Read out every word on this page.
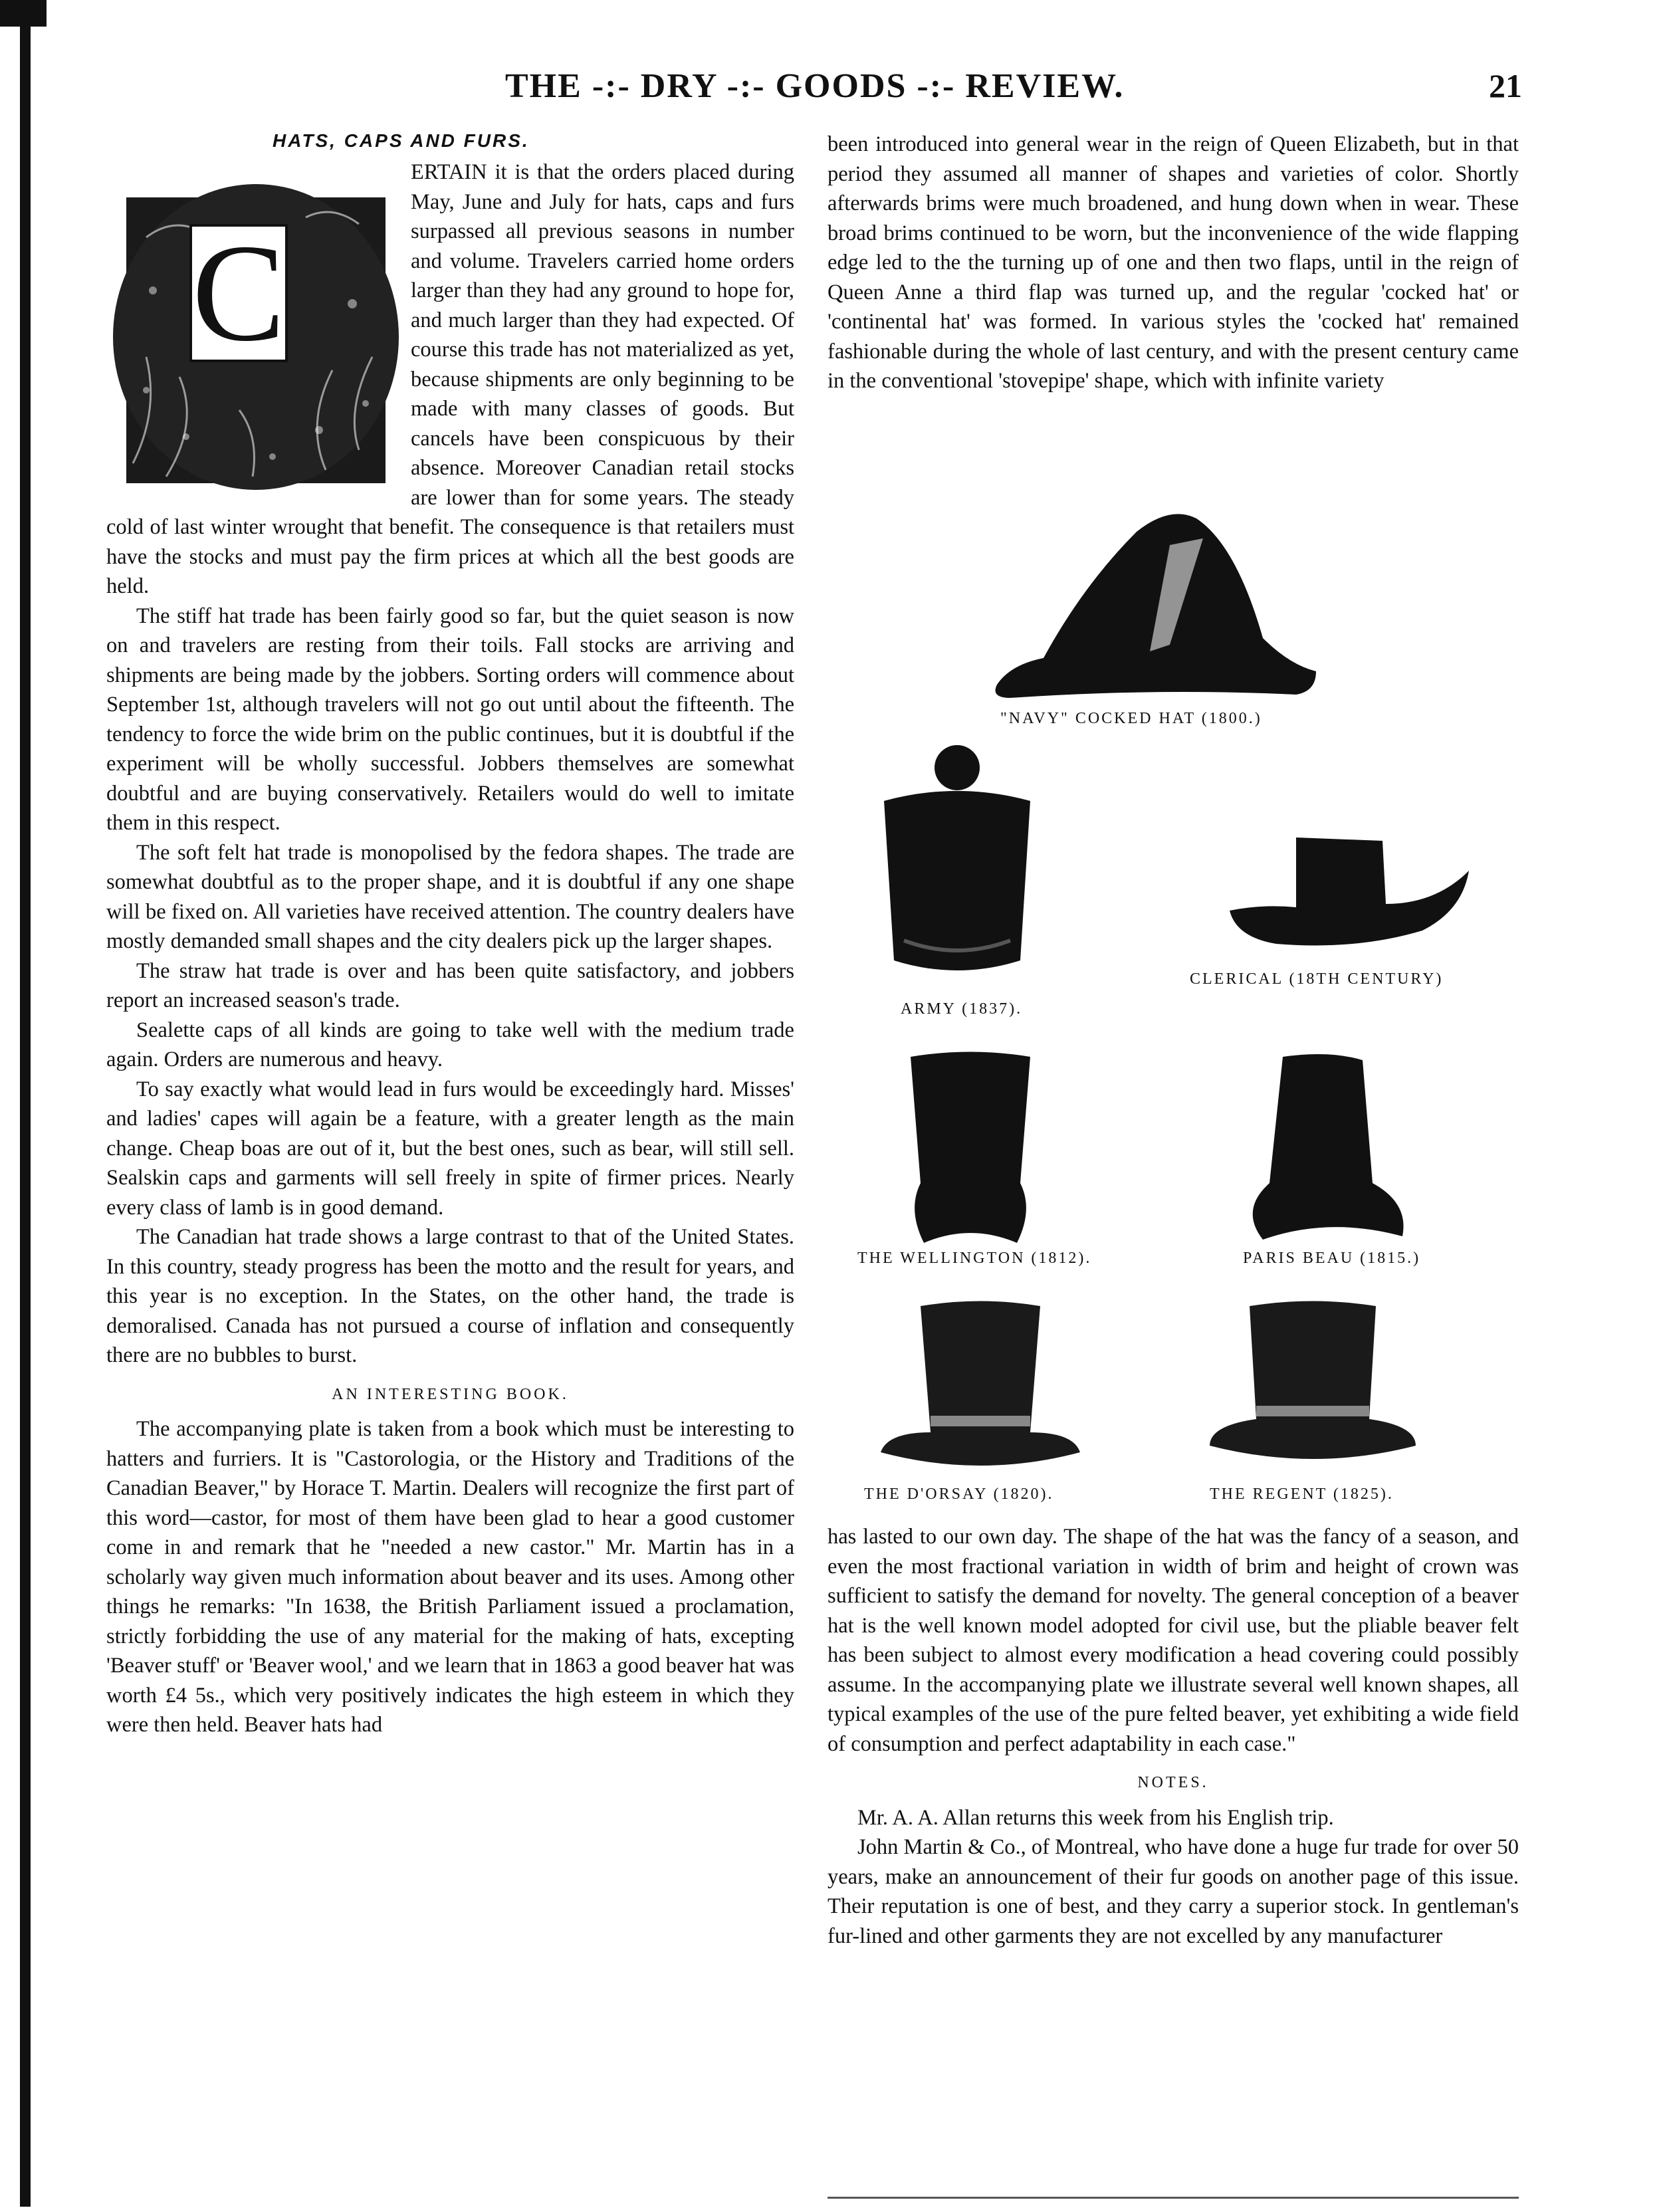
THE -:- DRY -:- GOODS -:- REVIEW.	21

HATS, CAPS AND FURS.

C

ERTAIN it is that the orders placed during May, June and July for hats, caps and furs surpassed all previous seasons in number and volume. Travelers carried home orders larger than they had any ground to hope for, and much larger than they had expected. Of course this trade has not materialized as yet, because shipments are only beginning to be made with many classes of goods. But cancels have been conspicuous by their absence. Moreover Canadian retail stocks are lower than for some years. The steady cold of last winter wrought that benefit. The consequence is that retailers must have the stocks and must pay the firm prices at which all the best goods are held.

The stiff hat trade has been fairly good so far, but the quiet season is now on and travelers are resting from their toils. Fall stocks are arriving and shipments are being made by the jobbers. Sorting orders will commence about September 1st, although travelers will not go out until about the fifteenth. The tendency to force the wide brim on the public continues, but it is doubtful if the experiment will be wholly successful. Jobbers themselves are somewhat doubtful and are buying conservatively. Retailers would do well to imitate them in this respect.

The soft felt hat trade is monopolised by the fedora shapes. The trade are somewhat doubtful as to the proper shape, and it is doubtful if any one shape will be fixed on. All varieties have received attention. The country dealers have mostly demanded small shapes and the city dealers pick up the larger shapes.

The straw hat trade is over and has been quite satisfactory, and jobbers report an increased season's trade.

Sealette caps of all kinds are going to take well with the medium trade again. Orders are numerous and heavy.

To say exactly what would lead in furs would be exceedingly hard. Misses' and ladies' capes will again be a feature, with a greater length as the main change. Cheap boas are out of it, but the best ones, such as bear, will still sell. Sealskin caps and garments will sell freely in spite of firmer prices. Nearly every class of lamb is in good demand.

The Canadian hat trade shows a large contrast to that of the United States. In this country, steady progress has been the motto and the result for years, and this year is no exception. In the States, on the other hand, the trade is demoralised. Canada has not pursued a course of inflation and consequently there are no bubbles to burst.

AN INTERESTING BOOK.

The accompanying plate is taken from a book which must be interesting to hatters and furriers. It is "Castorologia, or the History and Traditions of the Canadian Beaver," by Horace T. Martin. Dealers will recognize the first part of this word—castor, for most of them have been glad to hear a good customer come in and remark that he "needed a new castor." Mr. Martin has in a scholarly way given much information about beaver and its uses. Among other things he remarks: "In 1638, the British Parliament issued a proclamation, strictly forbidding the use of any material for the making of hats, excepting 'Beaver stuff' or 'Beaver wool,' and we learn that in 1863 a good beaver hat was worth £4 5s., which very positively indicates the high esteem in which they were then held. Beaver hats had

been introduced into general wear in the reign of Queen Elizabeth, but in that period they assumed all manner of shapes and varieties of color. Shortly afterwards brims were much broadened, and hung down when in wear. These broad brims continued to be worn, but the inconvenience of the wide flapping edge led to the the turning up of one and then two flaps, until in the reign of Queen Anne a third flap was turned up, and the regular 'cocked hat' or 'continental hat' was formed. In various styles the 'cocked hat' remained fashionable during the whole of last century, and with the present century came in the conventional 'stovepipe' shape, which with infinite variety

"NAVY" COCKED HAT (1800.)
ARMY (1837).
CLERICAL (18TH CENTURY)
THE WELLINGTON (1812).	PARIS BEAU (1815.)
THE D'ORSAY (1820).	THE REGENT (1825).

has lasted to our own day. The shape of the hat was the fancy of a season, and even the most fractional variation in width of brim and height of crown was sufficient to satisfy the demand for novelty. The general conception of a beaver hat is the well known model adopted for civil use, but the pliable beaver felt has been subject to almost every modification a head covering could possibly assume. In the accompanying plate we illustrate several well known shapes, all typical examples of the use of the pure felted beaver, yet exhibiting a wide field of consumption and perfect adaptability in each case."

NOTES.

Mr. A. A. Allan returns this week from his English trip.

John Martin & Co., of Montreal, who have done a huge fur trade for over 50 years, make an announcement of their fur goods on another page of this issue. Their reputation is one of best, and they carry a superior stock. In gentleman's fur-lined and other garments they are not excelled by any manufacturer
